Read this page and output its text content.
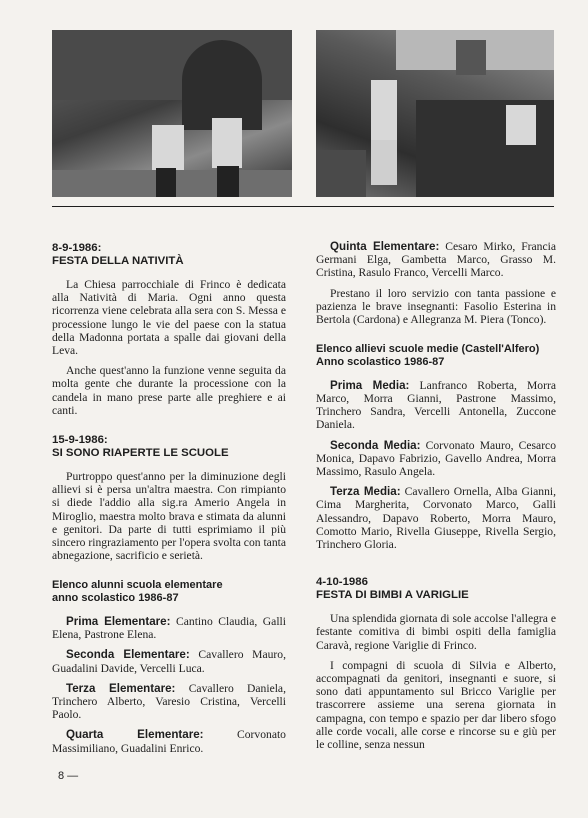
8-9-1986:
FESTA DELLA NATIVITÀ

La Chiesa parrocchiale di Frinco è dedicata alla Natività di Maria. Ogni anno questa ricorrenza viene celebrata alla sera con S. Messa e processione lungo le vie del paese con la statua della Madonna portata a spalle dai giovani della Leva.

Anche quest'anno la funzione venne seguita da molta gente che durante la processione con la candela in mano prese parte alle preghiere e ai canti.

15-9-1986:
SI SONO RIAPERTE LE SCUOLE

Purtroppo quest'anno per la diminuzione degli allievi si è persa un'altra maestra. Con rimpianto si diede l'addio alla sig.ra Amerio Angela in Miroglio, maestra molto brava e stimata da alunni e genitori. Da parte di tutti esprimiamo il più sincero ringraziamento per l'opera svolta con tanta abnegazione, sacrificio e serietà.

Elenco alunni scuola elementare
anno scolastico 1986-87

Prima Elementare: Cantino Claudia, Galli Elena, Pastrone Elena.

Seconda Elementare: Cavallero Mauro, Guadalini Davide, Vercelli Luca.

Terza Elementare: Cavallero Daniela, Trinchero Alberto, Varesio Cristina, Vercelli Paolo.

Quarta Elementare:	Corvonato Massimiliano, Guadalini Enrico.

Quinta Elementare: Cesaro Mirko, Francia Germani Elga, Gambetta Marco, Grasso M. Cristina, Rasulo Franco, Vercelli Marco.

Prestano il loro servizio con tanta passione e pazienza le brave insegnanti: Fasolio Esterina in Bertola (Cardona) e Allegranza M. Piera (Tonco).

Elenco allievi scuole medie (Castell'Alfero)
Anno scolastico 1986-87

Prima Media: Lanfranco Roberta, Morra Marco, Morra Gianni, Pastrone Massimo, Trinchero Sandra, Vercelli Antonella, Zuccone Daniela.

Seconda Media: Corvonato Mauro, Cesarco Monica, Dapavo Fabrizio, Gavello Andrea, Morra Massimo, Rasulo Angela.

Terza Media: Cavallero Ornella, Alba Gianni, Cima Margherita, Corvonato Marco, Galli Alessandro, Dapavo Roberto, Morra Mauro, Comotto Mario, Rivella Giuseppe, Rivella Sergio, Trinchero Gloria.

4-10-1986
FESTA DI BIMBI A VARIGLIE

Una splendida giornata di sole accolse l'allegra e festante comitiva di bimbi ospiti della famiglia Caravà, regione Variglie di Frinco.

I compagni di scuola di Silvia e Alberto, accompagnati da genitori, insegnanti e suore, si sono dati appuntamento sul Bricco Variglie per trascorrere assieme una serena giornata in campagna, con tempo e spazio per dar libero sfogo alle corde vocali, alle corse e rincorse su e giù per le colline, senza nessun

8 —
